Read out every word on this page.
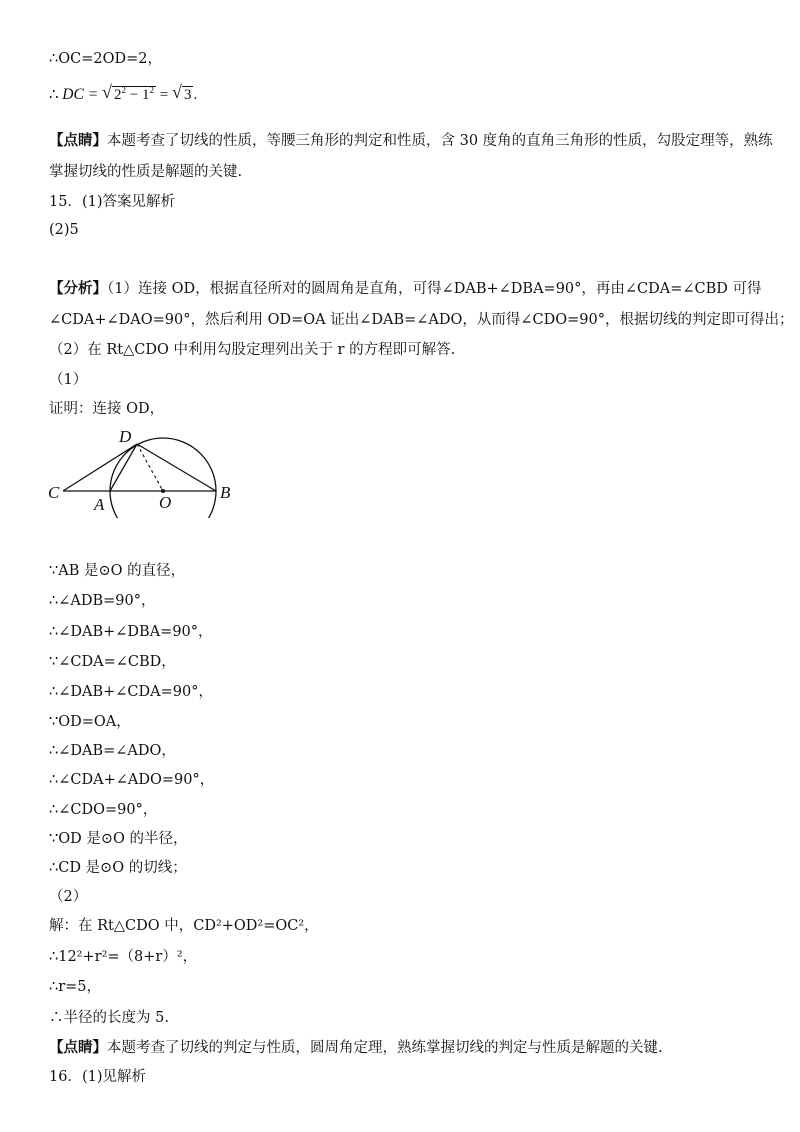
∴OC=2OD=2，
∴ DC = √ $2^2 - 1^2$ = √ 3 .
【点睛】本题考查了切线的性质，等腰三角形的判定和性质，含 30 度角的直角三角形的性质，勾股定理等，熟练
掌握切线的性质是解题的关键.
15．(1)答案见解析
(2)5
【分析】（1）连接 OD，根据直径所对的圆周角是直角，可得∠DAB+∠DBA=90°，再由∠CDA=∠CBD 可得
∠CDA+∠DAO=90°，然后利用 OD=OA 证出∠DAB=∠ADO，从而得∠CDO=90°，根据切线的判定即可得出；
（2）在 Rt△CDO 中利用勾股定理列出关于 r 的方程即可解答.
（1）
证明：连接 OD，
C
D
A	O
B
∵AB 是⊙O 的直径，
∴∠ADB=90°，
∴∠DAB+∠DBA=90°，
∵∠CDA=∠CBD，
∴∠DAB+∠CDA=90°，
∵OD=OA，
∴∠DAB=∠ADO，
∴∠CDA+∠ADO=90°，
∴∠CDO=90°，
∵OD 是⊙O 的半径，
∴CD 是⊙O 的切线；
（2）
解：在 Rt△CDO 中，CD²+OD²=OC²，
∴12²+r²=（8+r）²，
∴r=5，
∴半径的长度为 5.
【点睛】本题考查了切线的判定与性质，圆周角定理，熟练掌握切线的判定与性质是解题的关键.
16．(1)见解析
